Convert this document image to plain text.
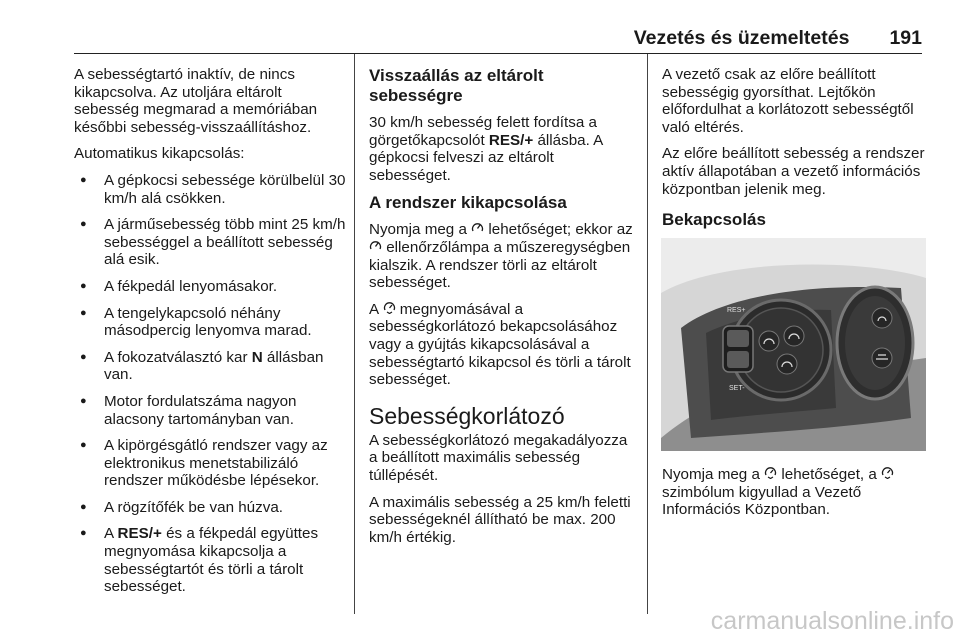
Vezetés és üzemeltetés 191

A sebességtartó inaktív, de nincs kikapcsolva. Az utoljára eltárolt sebesség megmarad a memóriában későbbi sebesség-visszaállításhoz.

Automatikus kikapcsolás:

● A gépkocsi sebessége körülbelül 30 km/h alá csökken.
● A járműsebesség több mint 25 km/h sebességgel a beállított sebesség alá esik.
● A fékpedál lenyomásakor.
● A tengelykapcsoló néhány másodpercig lenyomva marad.
● A fokozatválasztó kar N állásban van.
● Motor fordulatszáma nagyon alacsony tartományban van.
● A kipörgésgátló rendszer vagy az elektronikus menetstabilizáló rendszer működésbe lépésekor.
● A rögzítőfék be van húzva.
● A RES/+ és a fékpedál együttes megnyomása kikapcsolja a sebességtartót és törli a tárolt sebességet.
Visszaállás az eltárolt sebességre

30 km/h sebesség felett fordítsa a görgetőkapcsolót RES/+ állásba. A gépkocsi felveszi az eltárolt sebességet.

A rendszer kikapcsolása

Nyomja meg a lehetőséget; ekkor az  ellenőrzőlámpa a műszeregységben kialszik. A rendszer törli az eltárolt sebességet.

A megnyomásával a sebességkorlátozó bekapcsolásához vagy a gyújtás kikapcsolásával a sebességtartó kikapcsol és törli a tárolt sebességet.

Sebességkorlátozó

A sebességkorlátozó megakadályozza a beállított maximális sebesség túllépését.

A maximális sebesség a 25 km/h feletti sebességeknél állítható be max. 200 km/h értékig.

A vezető csak az előre beállított sebességig gyorsíthat. Lejtőkön előfordulhat a korlátozott sebességtől való eltérés.

Az előre beállított sebesség a rendszer aktív állapotában a vezető információs központban jelenik meg.

Bekapcsolás
RES+
SET-

Nyomja meg a lehetőséget, a  szimbólum kigyullad a Vezető Információs Központban.

carmanualsonline.info
